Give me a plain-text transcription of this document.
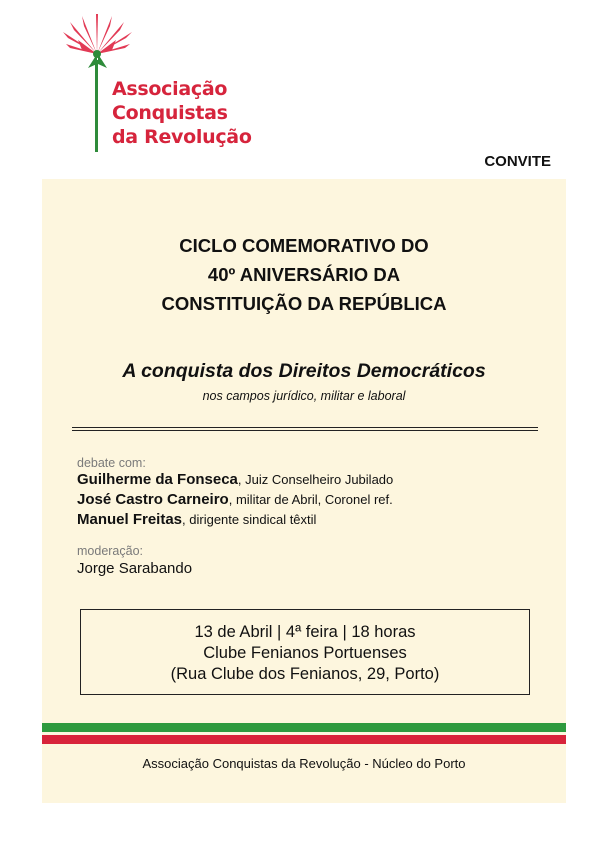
Associação
Conquistas
da Revolução

CONVITE
CICLO COMEMORATIVO DO
40º ANIVERSÁRIO DA
CONSTITUIÇÃO DA REPÚBLICA

A conquista dos Direitos Democráticos

nos campos jurídico, militar e laboral

debate com:

Guilherme da Fonseca, Juiz Conselheiro Jubilado

José Castro Carneiro, militar de Abril, Coronel ref.

Manuel Freitas, dirigente sindical têxtil

moderação:

Jorge Sarabando

13 de Abril | 4ª feira | 18 horas
Clube Fenianos Portuenses
(Rua Clube dos Fenianos, 29, Porto)

Associação Conquistas da Revolução - Núcleo do Porto
